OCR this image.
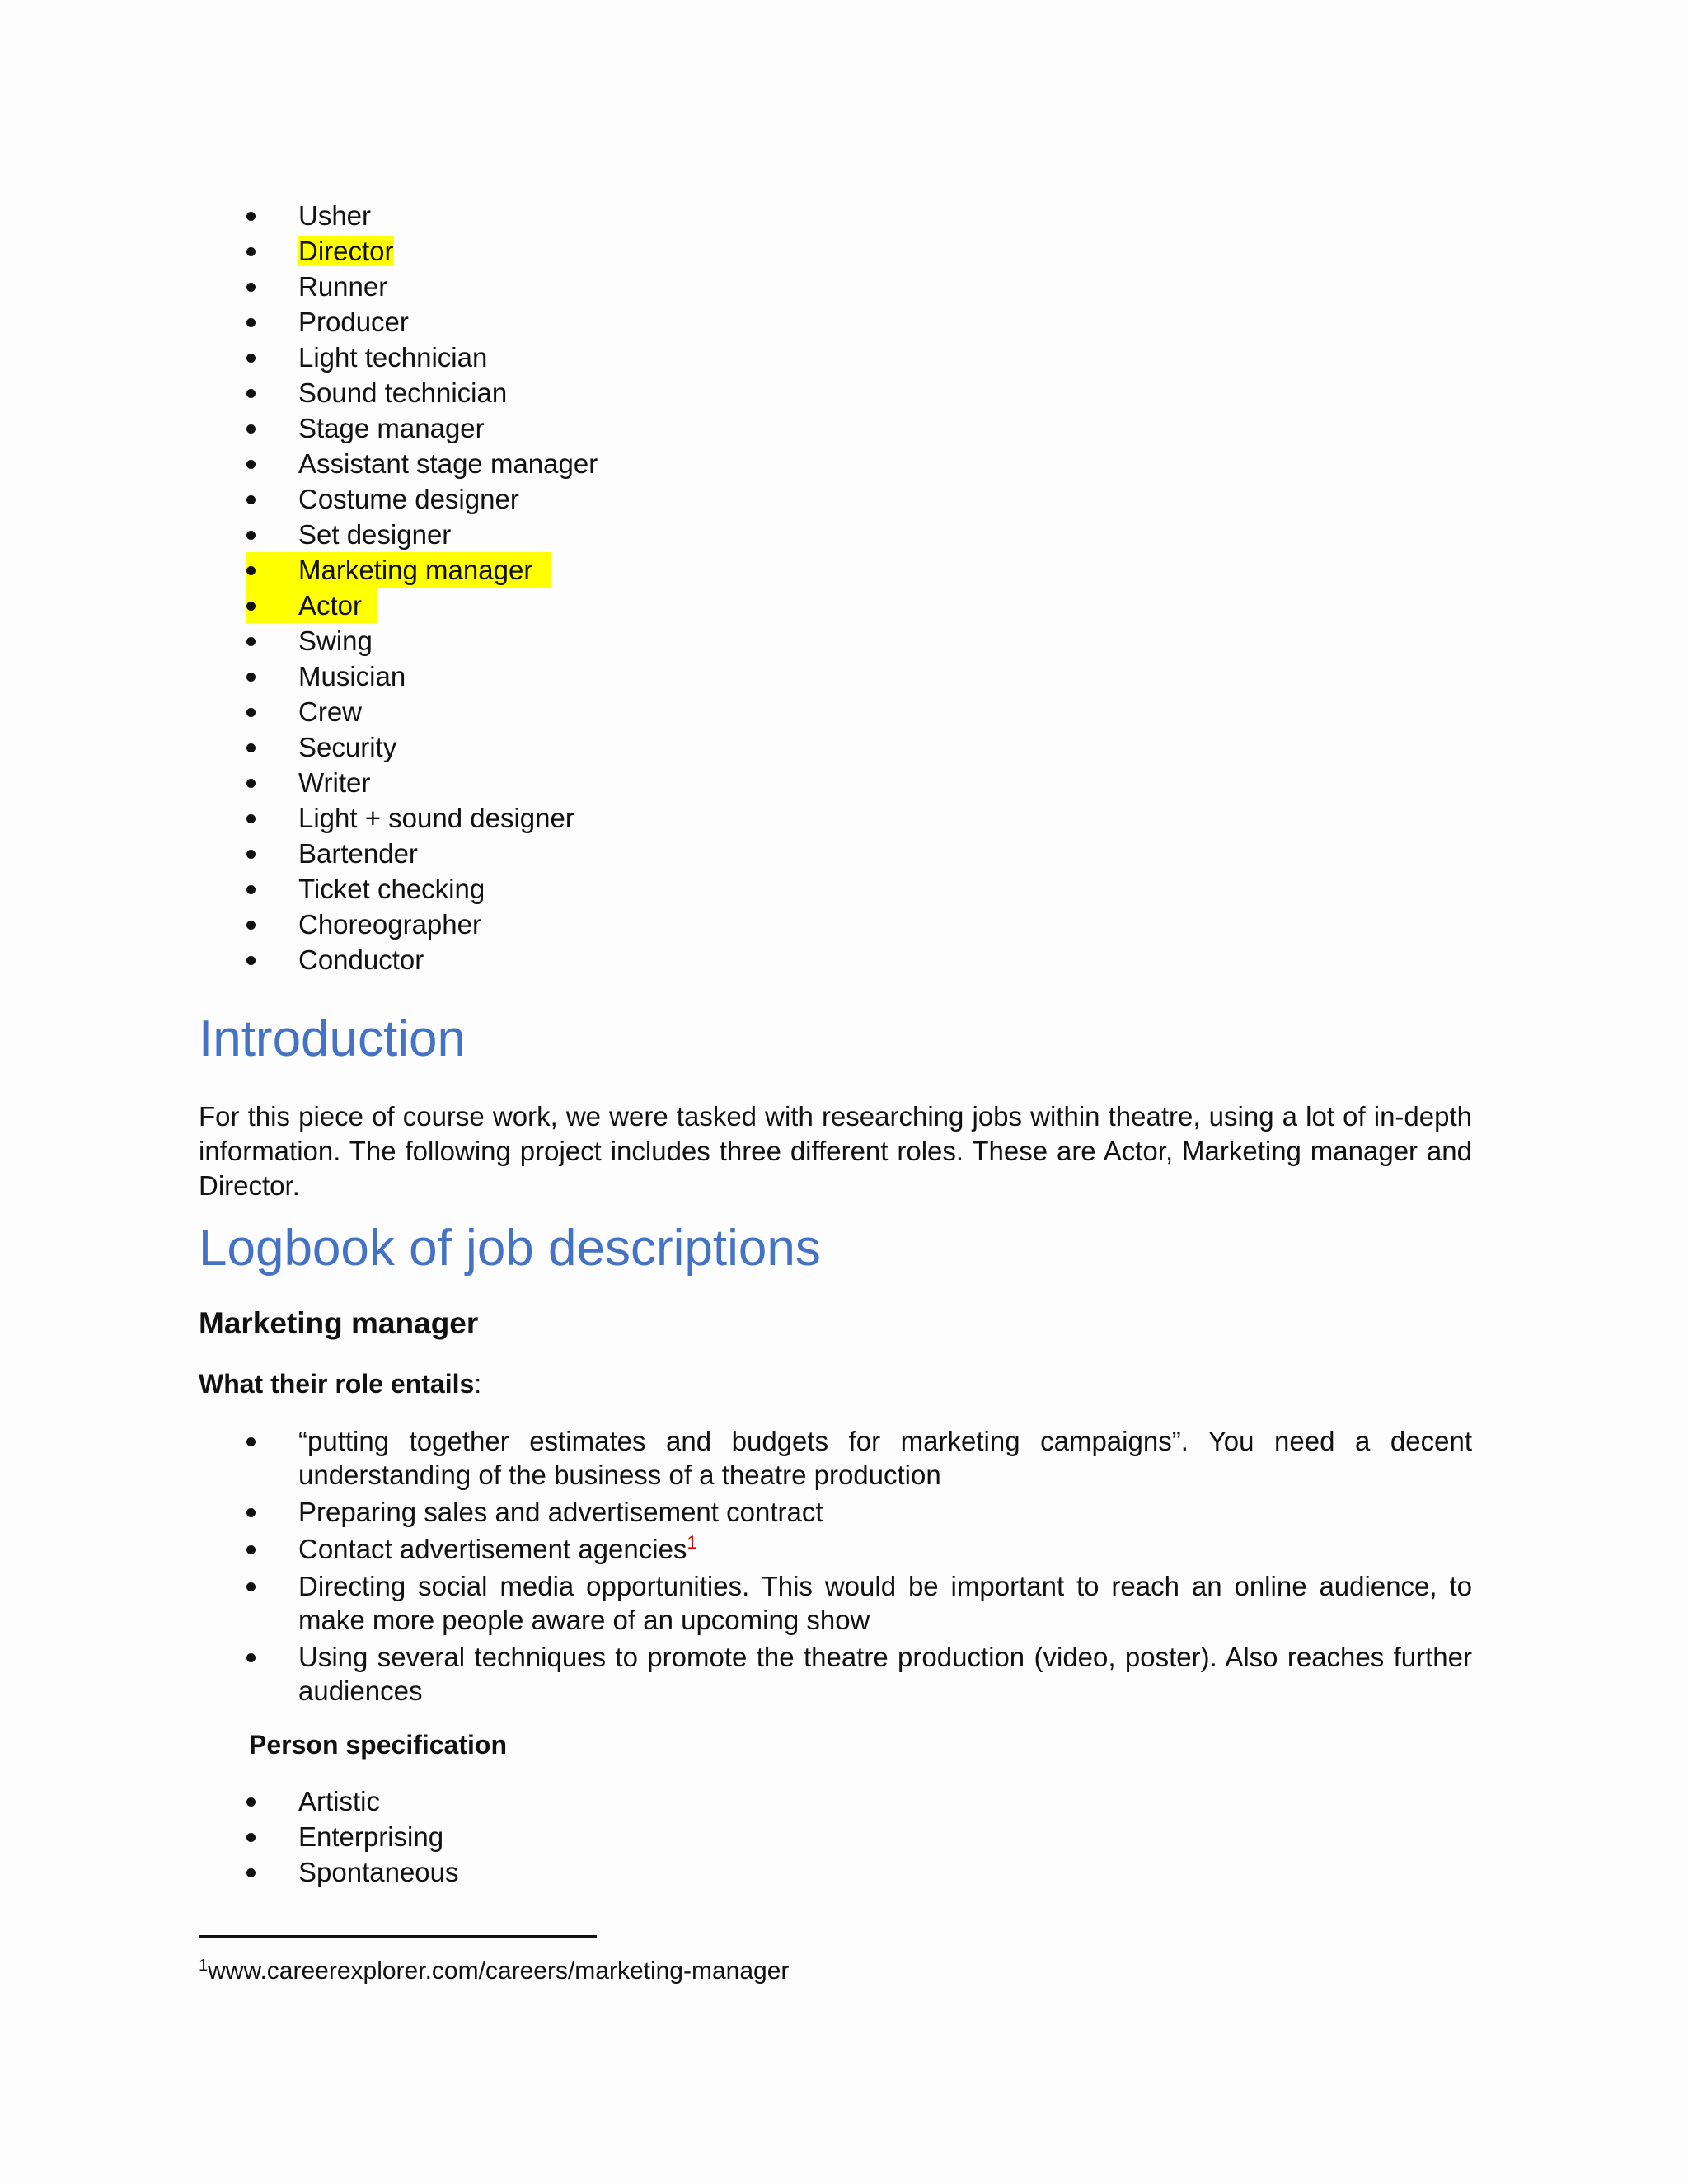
Usher
Director
Runner
Producer
Light technician
Sound technician
Stage manager
Assistant stage manager
Costume designer
Set designer
Marketing manager
Actor
Swing
Musician
Crew
Security
Writer
Light + sound designer
Bartender
Ticket checking
Choreographer
Conductor
Introduction

For this piece of course work, we were tasked with researching jobs within theatre, using a lot of in-depth information. The following project includes three different roles. These are Actor, Marketing manager and Director.

Logbook of job descriptions
Marketing manager

What their role entails:

“putting together estimates and budgets for marketing campaigns”. You need a decent understanding of the business of a theatre production
Preparing sales and advertisement contract
Contact advertisement agencies$^1$
Directing social media opportunities. This would be important to reach an online audience, to make more people aware of an upcoming show
Using several techniques to promote the theatre production (video, poster). Also reaches further audiences

Person specification

Artistic
Enterprising
Spontaneous
$^1$www.careerexplorer.com/careers/marketing-manager
